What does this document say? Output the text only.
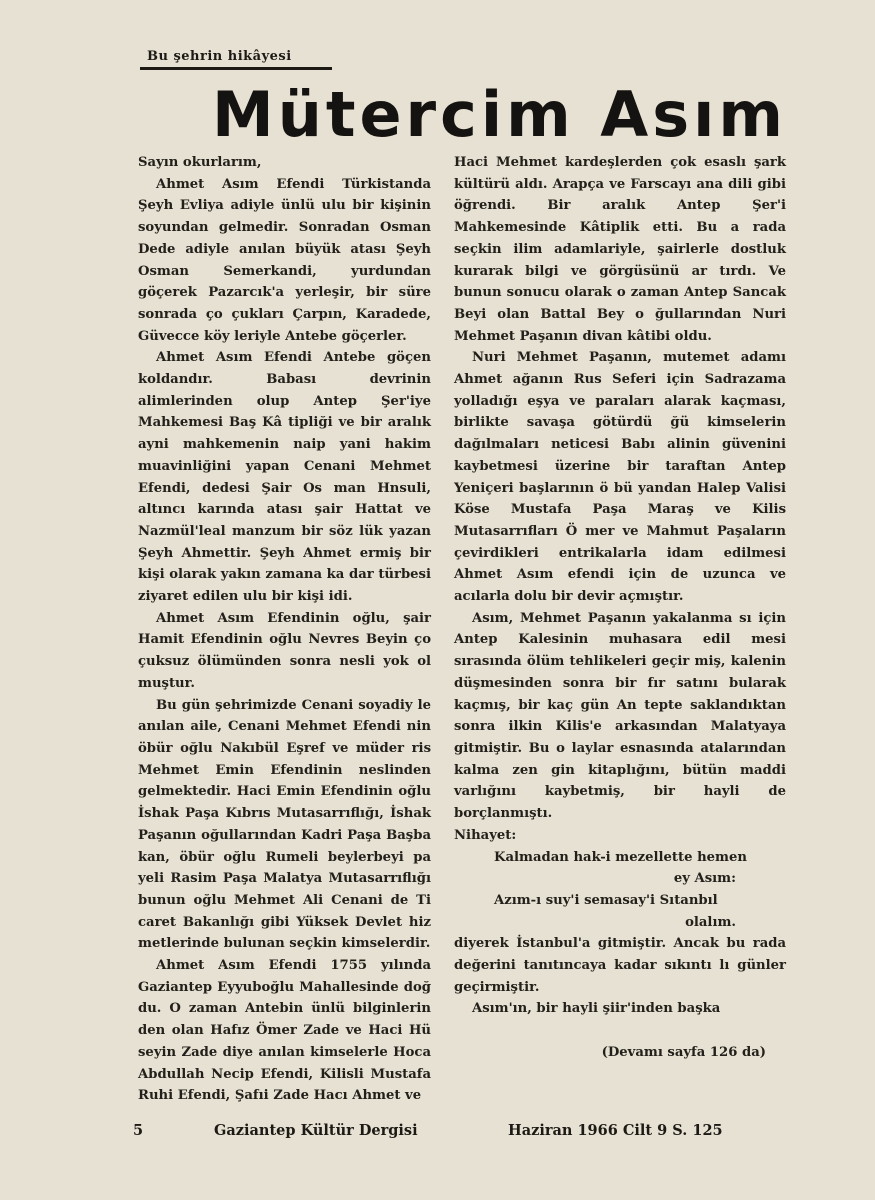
Bu şehrin hikâyesi
Mütercim Asım

Sayın okurlarım,

Ahmet Asım Efendi Türkistanda Şeyh Evliya adiyle ünlü ulu bir kişinin soyundan gelmedir. Sonradan Osman Dede adiyle anılan büyük atası Şeyh Osman Semerkandi, yurdundan göçerek Pazarcık'a yerleşir, bir süre sonrada ço çukları Çarpın, Karadede, Güvecce köy leriyle Antebe göçerler.

Ahmet Asım Efendi Antebe göçen koldandır. Babası devrinin alimlerinden olup Antep Şer'iye Mahkemesi Baş Kâ tipliği ve bir aralık ayni mahkemenin naip yani hakim muavinliğini yapan Cenani Mehmet Efendi, dedesi Şair Os man Hnsuli, altıncı karında atası şair Hattat ve Nazmül'leal manzum bir söz lük yazan Şeyh Ahmettir. Şeyh Ahmet ermiş bir kişi olarak yakın zamana ka dar türbesi ziyaret edilen ulu bir kişi idi.

Ahmet Asım Efendinin oğlu, şair Hamit Efendinin oğlu Nevres Beyin ço çuksuz ölümünden sonra nesli yok ol muştur.

Bu gün şehrimizde Cenani soyadiy le anılan aile, Cenani Mehmet Efendi nin öbür oğlu Nakıbül Eşref ve müder ris Mehmet Emin Efendinin neslinden gelmektedir. Haci Emin Efendinin oğlu İshak Paşa Kıbrıs Mutasarrıflığı, İshak Paşanın oğullarından Kadri Paşa Başba kan, öbür oğlu Rumeli beylerbeyi pa yeli Rasim Paşa Malatya Mutasarrıflığı bunun oğlu Mehmet Ali Cenani de Ti caret Bakanlığı gibi Yüksek Devlet hiz metlerinde bulunan seçkin kimselerdir.

Ahmet Asım Efendi 1755 yılında Gaziantep Eyyuboğlu Mahallesinde doğ du. O zaman Antebin ünlü bilginlerin den olan Hafız Ömer Zade ve Haci Hü seyin Zade diye anılan kimselerle Hoca Abdullah Necip Efendi, Kilisli Mustafa Ruhi Efendi, Şafıi Zade Hacı Ahmet ve

Haci Mehmet kardeşlerden çok esaslı şark kültürü aldı. Arapça ve Farscayı ana dili gibi öğrendi. Bir aralık Antep Şer'i Mahkemesinde Kâtiplik etti. Bu a rada seçkin ilim adamlariyle, şairlerle dostluk kurarak bilgi ve görgüsünü ar tırdı. Ve bunun sonucu olarak o zaman Antep Sancak Beyi olan Battal Bey o ğullarından Nuri Mehmet Paşanın divan kâtibi oldu.

Nuri Mehmet Paşanın, mutemet adamı Ahmet ağanın Rus Seferi için Sadrazama yolladığı eşya ve paraları alarak kaçması, birlikte savaşa götürdü ğü kimselerin dağılmaları neticesi Babı alinin güvenini kaybetmesi üzerine bir taraftan Antep Yeniçeri başlarının ö bü yandan Halep Valisi Köse Mustafa Paşa Maraş ve Kilis Mutasarrıfları Ö mer ve Mahmut Paşaların çevirdikleri entrikalarla idam edilmesi Ahmet Asım efendi için de uzunca ve acılarla dolu bir devir açmıştır.

Asım, Mehmet Paşanın yakalanma sı için Antep Kalesinin muhasara edil mesi sırasında ölüm tehlikeleri geçir miş, kalenin düşmesinden sonra bir fır satını bularak kaçmış, bir kaç gün An tepte saklandıktan sonra ilkin Kilis'e arkasından Malatyaya gitmiştir. Bu o laylar esnasında atalarından kalma zen gin kitaplığını, bütün maddi varlığını kaybetmiş, bir hayli de borçlanmıştı.

Nihayet:

Kalmadan hak-i mezellette hemen

ey Asım:

Azım-ı suy'i semasay'i Sıtanbıl

olalım.

diyerek İstanbul'a gitmiştir. Ancak bu rada değerini tanıtıncaya kadar sıkıntı lı günler geçirmiştir.

Asım'ın, bir hayli şiir'inden başka

(Devamı sayfa 126 da)

5	Gaziantep Kültür Dergisi	Haziran 1966 Cilt 9 S. 125
